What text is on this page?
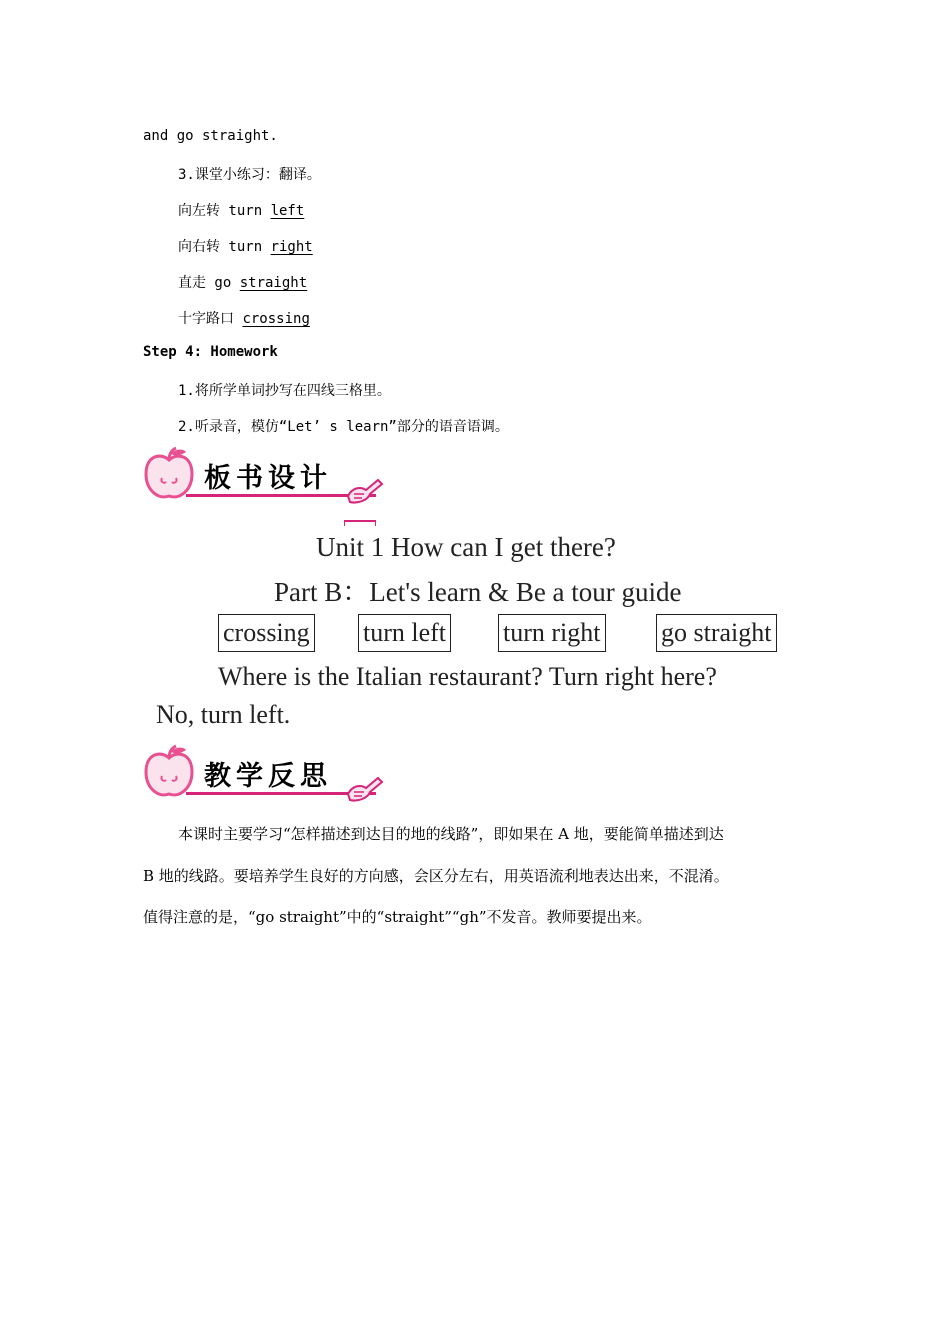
and go straight.
3.课堂小练习：翻译。
向左转 turn left
向右转 turn right
直走 go straight
十字路口 crossing
Step 4: Homework
1.将所学单词抄写在四线三格里。
2.听录音，模仿“Let’ s learn”部分的语音语调。
板书设计
Unit 1 How can I get there?
Part B：Let's learn & Be a tour guide
crossing turn left turn right go straight
Where is the Italian restaurant? Turn right here?
No, turn left.
教学反思
本课时主要学习“怎样描述到达目的地的线路”，即如果在 A 地，要能简单描述到达
B 地的线路。要培养学生良好的方向感，会区分左右，用英语流利地表达出来，不混淆。
值得注意的是，“go straight”中的“straight”“gh”不发音。教师要提出来。
